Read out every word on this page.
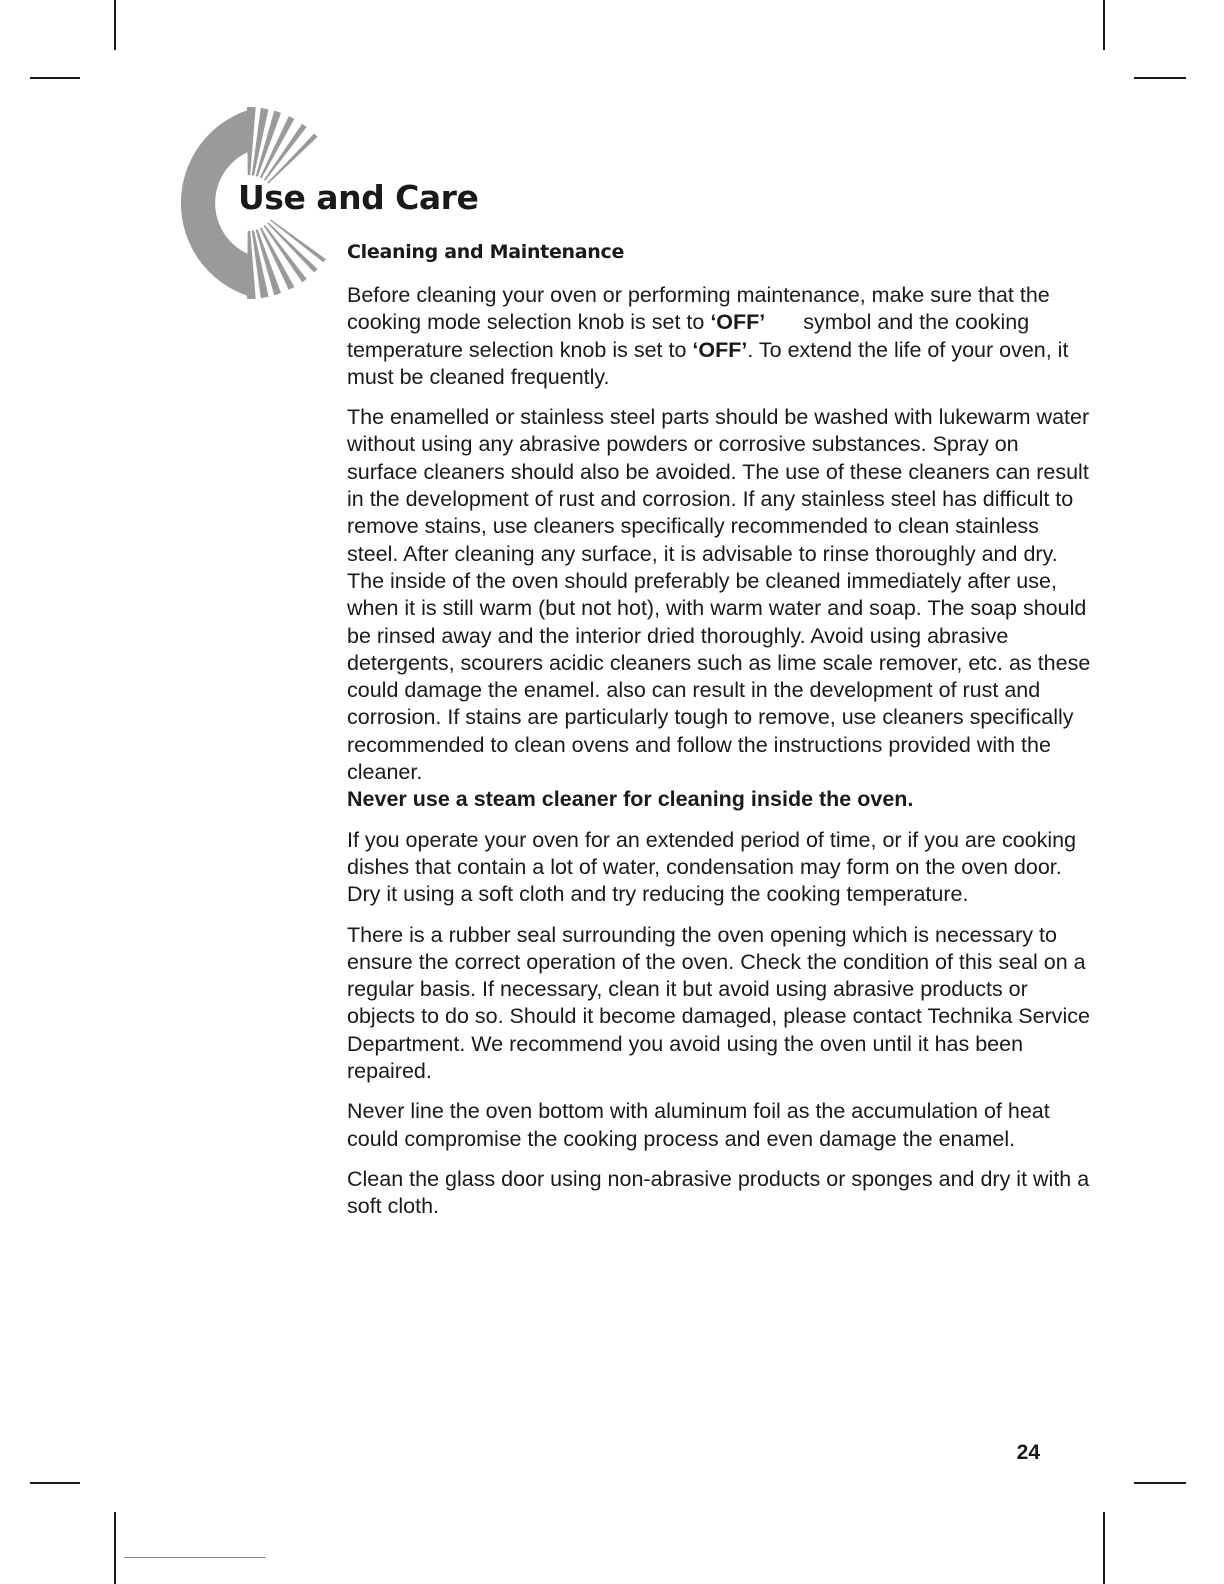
Use and Care
Cleaning and Maintenance

Before cleaning your oven or performing maintenance, make sure that the cooking mode selection knob is set to ‘OFF’ symbol and the cooking temperature selection knob is set to ‘OFF’. To extend the life of your oven, it must be cleaned frequently.

The enamelled or stainless steel parts should be washed with lukewarm water without using any abrasive powders or corrosive substances. Spray on surface cleaners should also be avoided. The use of these cleaners can result in the development of rust and corrosion. If any stainless steel has difficult to remove stains, use cleaners specifically recommended to clean stainless steel. After cleaning any surface, it is advisable to rinse thoroughly and dry.

The inside of the oven should preferably be cleaned immediately after use, when it is still warm (but not hot), with warm water and soap. The soap should be rinsed away and the interior dried thoroughly. Avoid using abrasive detergents, scourers acidic cleaners such as lime scale remover, etc. as these could damage the enamel. also can result in the development of rust and corrosion. If stains are particularly tough to remove, use cleaners specifically recommended to clean ovens and follow the instructions provided with the cleaner.

Never use a steam cleaner for cleaning inside the oven.

If you operate your oven for an extended period of time, or if you are cooking dishes that contain a lot of water, condensation may form on the oven door. Dry it using a soft cloth and try reducing the cooking temperature.

There is a rubber seal surrounding the oven opening which is necessary to ensure the correct operation of the oven. Check the condition of this seal on a regular basis. If necessary, clean it but avoid using abrasive products or objects to do so. Should it become damaged, please contact Technika Service Department. We recommend you avoid using the oven until it has been repaired.

Never line the oven bottom with aluminum foil as the accumulation of heat could compromise the cooking process and even damage the enamel.

Clean the glass door using non-abrasive products or sponges and dry it with a soft cloth.

24
